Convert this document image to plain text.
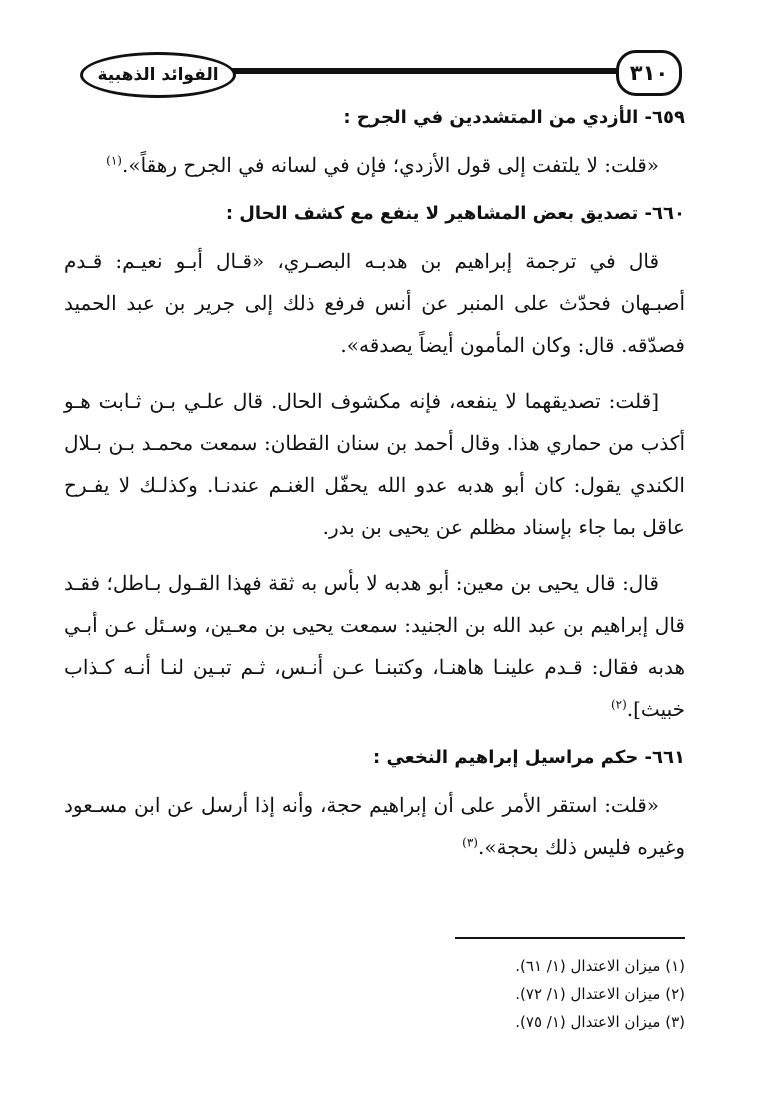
الفوائد الذهبية	٣١٠
٦٥٩- الأزدي من المتشددين في الجرح :

«قلت: لا يلتفت إلى قول الأزدي؛ فإن في لسانه في الجرح رهقاً».$^{(١)}$

٦٦٠- تصديق بعض المشاهير لا ينفع مع كشف الحال :

قال في ترجمة إبراهيم بن هدبـه البصـري، «قـال أبـو نعيـم: قـدم أصبـهان فحدّث على المنبر عن أنس فرفع ذلك إلى جرير بن عبد الحميد فصدّقه. قال: وكان المأمون أيضاً يصدقه».

[قلت: تصديقهما لا ينفعه، فإنه مكشوف الحال. قال علـي بـن ثـابت هـو أكذب من حماري هذا. وقال أحمد بن سنان القطان: سمعت محمـد بـن بـلال الكندي يقول: كان أبو هدبه عدو الله يحفّل الغنـم عندنـا. وكذلـك لا يفـرح عاقل بما جاء بإسناد مظلم عن يحيى بن بدر.

قال: قال يحيى بن معين: أبو هدبه لا بأس به ثقة فهذا القـول بـاطل؛ فقـد قال إبراهيم بن عبد الله بن الجنيد: سمعت يحيى بن معـين، وسـئل عـن أبـي هدبه فقال: قـدم علينـا هاهنـا، وكتبنـا عـن أنـس، ثـم تبـين لنـا أنـه كـذاب خبيث].$^{(٢)}$

٦٦١- حكم مراسيل إبراهيم النخعي :

«قلت: استقر الأمر على أن إبراهيم حجة، وأنه إذا أرسل عن ابن مسـعود وغيره فليس ذلك بحجة».$^{(٣)}$

(١) ميزان الاعتدال (١/ ٦١).

(٢) ميزان الاعتدال (١/ ٧٢).

(٣) ميزان الاعتدال (١/ ٧٥).
